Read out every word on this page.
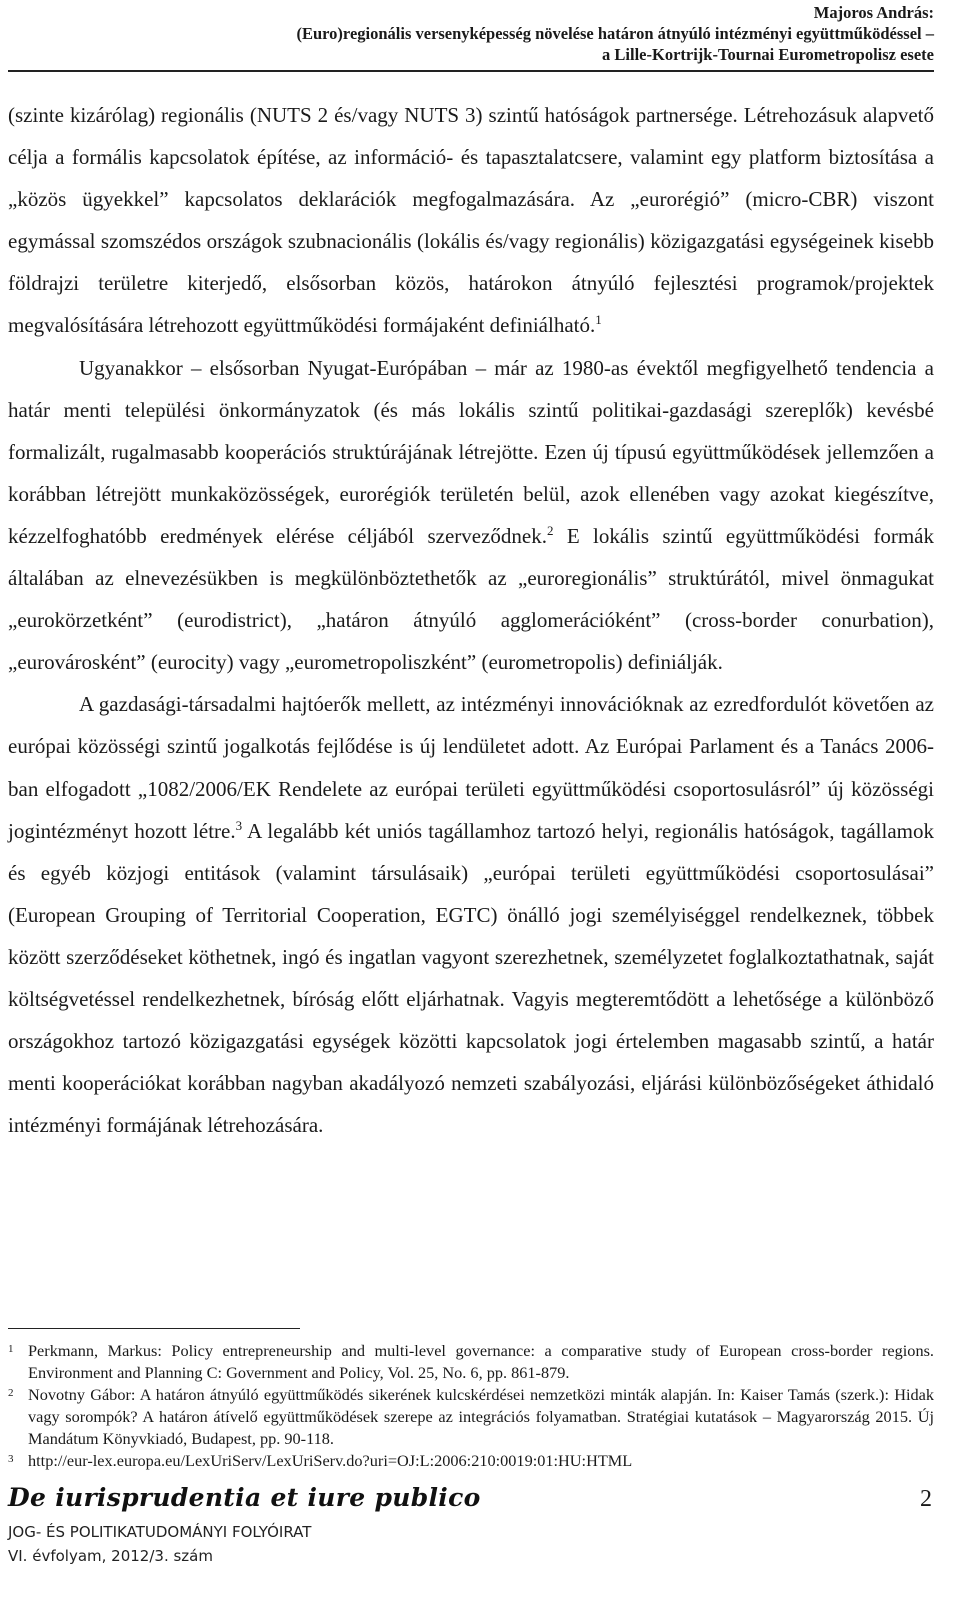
Majoros András:
(Euro)regionális versenyképesség növelése határon átnyúló intézményi együttműködéssel –
a Lille-Kortrijk-Tournai Eurometropolisz esete

(szinte kizárólag) regionális (NUTS 2 és/vagy NUTS 3) szintű hatóságok partnersége. Létrehozásuk alapvető célja a formális kapcsolatok építése, az információ- és tapasztalatcsere, valamint egy platform biztosítása a „közös ügyekkel” kapcsolatos deklarációk megfogalmazására. Az „eurorégió” (micro-CBR) viszont egymással szomszédos országok szubnacionális (lokális és/vagy regionális) közigazgatási egységeinek kisebb földrajzi területre kiterjedő, elsősorban közös, határokon átnyúló fejlesztési programok/projektek megvalósítására létrehozott együttműködési formájaként definiálható.$^1$

Ugyanakkor – elsősorban Nyugat-Európában – már az 1980-as évektől megfigyelhető tendencia a határ menti települési önkormányzatok (és más lokális szintű politikai-gazdasági szereplők) kevésbé formalizált, rugalmasabb kooperációs struktúrájának létrejötte. Ezen új típusú együttműködések jellemzően a korábban létrejött munkaközösségek, eurorégiók területén belül, azok ellenében vagy azokat kiegészítve, kézzelfoghatóbb eredmények elérése céljából szerveződnek.$^2$ E lokális szintű együttműködési formák általában az elnevezésükben is megkülönböztethetők az „euroregionális” struktúrától, mivel önmagukat „eurokörzetként” (eurodistrict), „határon átnyúló agglomerációként” (cross-border conurbation), „eurovárosként” (eurocity) vagy „eurometropoliszként” (eurometropolis) definiálják.

A gazdasági-társadalmi hajtóerők mellett, az intézményi innovációknak az ezredfordulót követően az európai közösségi szintű jogalkotás fejlődése is új lendületet adott. Az Európai Parlament és a Tanács 2006-ban elfogadott „1082/2006/EK Rendelete az európai területi együttműködési csoportosulásról” új közösségi jogintézményt hozott létre.$^3$ A legalább két uniós tagállamhoz tartozó helyi, regionális hatóságok, tagállamok és egyéb közjogi entitások (valamint társulásaik) „európai területi együttműködési csoportosulásai” (European Grouping of Territorial Cooperation, EGTC) önálló jogi személyiséggel rendelkeznek, többek között szerződéseket köthetnek, ingó és ingatlan vagyont szerezhetnek, személyzetet foglalkoztathatnak, saját költségvetéssel rendelkezhetnek, bíróság előtt eljárhatnak. Vagyis megteremtődött a lehetősége a különböző országokhoz tartozó közigazgatási egységek közötti kapcsolatok jogi értelemben magasabb szintű, a határ menti kooperációkat korábban nagyban akadályozó nemzeti szabályozási, eljárási különbözőségeket áthidaló intézményi formájának létrehozására.

1 Perkmann, Markus: Policy entrepreneurship and multi-level governance: a comparative study of European cross-border regions. Environment and Planning C: Government and Policy, Vol. 25, No. 6, pp. 861-879.
2 Novotny Gábor: A határon átnyúló együttműködés sikerének kulcskérdései nemzetközi minták alapján. In: Kaiser Tamás (szerk.): Hidak vagy sorompók? A határon átívelő együttműködések szerepe az integrációs folyamatban. Stratégiai kutatások – Magyarország 2015. Új Mandátum Könyvkiadó, Budapest, pp. 90-118.
3 http://eur-lex.europa.eu/LexUriServ/LexUriServ.do?uri=OJ:L:2006:210:0019:01:HU:HTML
De iurisprudentia et iure publico
JOG- ÉS POLITIKATUDOMÁNYI FOLYÓIRAT
VI. évfolyam, 2012/3. szám
2
